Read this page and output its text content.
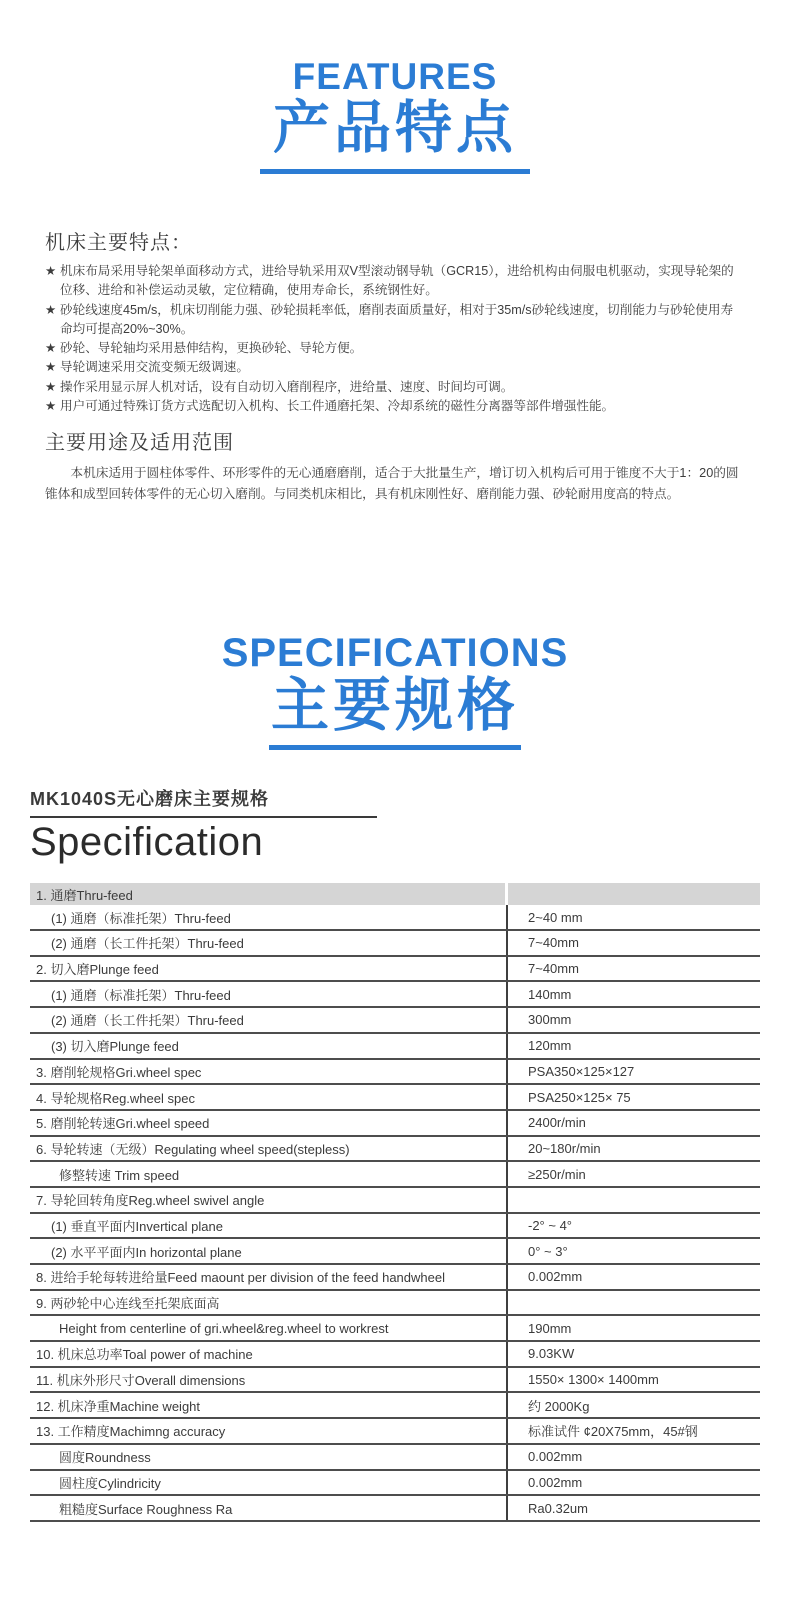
FEATURES
产品特点
机床主要特点：
★ 机床布局采用导轮架单面移动方式，进给导轨采用双V型滚动钢导轨（GCR15），进给机构由伺服电机驱动，实现导轮架的位移、进给和补偿运动灵敏，定位精确，使用寿命长，系统钢性好。
★ 砂轮线速度45m/s，机床切削能力强、砂轮损耗率低，磨削表面质量好，相对于35m/s砂轮线速度，切削能力与砂轮使用寿命均可提高20%~30%。
★ 砂轮、导轮轴均采用悬伸结构，更换砂轮、导轮方便。
★ 导轮调速采用交流变频无级调速。
★ 操作采用显示屏人机对话，设有自动切入磨削程序，进给量、速度、时间均可调。
★ 用户可通过特殊订货方式选配切入机构、长工件通磨托架、冷却系统的磁性分离器等部件增强性能。
主要用途及适用范围
本机床适用于圆柱体零件、环形零件的无心通磨磨削，适合于大批量生产，增订切入机构后可用于锥度不大于1：20的圆锥体和成型回转体零件的无心切入磨削。与同类机床相比，具有机床刚性好、磨削能力强、砂轮耐用度高的特点。
SPECIFICATIONS
主要规格
MK1040S无心磨床主要规格
Specification
1. 通磨Thru-feed
(1) 通磨（标准托架）Thru-feed	2~40 mm
(2) 通磨（长工件托架）Thru-feed	7~40mm
2. 切入磨Plunge feed	7~40mm
(1) 通磨（标准托架）Thru-feed	140mm
(2) 通磨（长工件托架）Thru-feed	300mm
(3) 切入磨Plunge feed	120mm
3. 磨削轮规格Gri.wheel spec	PSA350×125×127
4. 导轮规格Reg.wheel spec	PSA250×125× 75
5. 磨削轮转速Gri.wheel speed	2400r/min
6. 导轮转速（无级）Regulating wheel speed(stepless)	20~180r/min
修整转速 Trim speed	≥250r/min
7. 导轮回转角度Reg.wheel swivel angle
(1) 垂直平面内Invertical plane	-2° ~ 4°
(2) 水平平面内In horizontal plane	0° ~ 3°
8. 进给手轮每转进给量Feed maount per division of the feed handwheel	0.002mm
9. 两砂轮中心连线至托架底面高
Height from centerline of gri.wheel&reg.wheel to workrest	190mm
10. 机床总功率Toal power of machine	9.03KW
11. 机床外形尺寸Overall dimensions	1550× 1300× 1400mm
12. 机床净重Machine weight	约 2000Kg
13. 工作精度Machimng accuracy	标准试件 ¢20X75mm，45#钢
圆度Roundness	0.002mm
圆柱度Cylindricity	0.002mm
粗糙度Surface Roughness Ra	Ra0.32um
